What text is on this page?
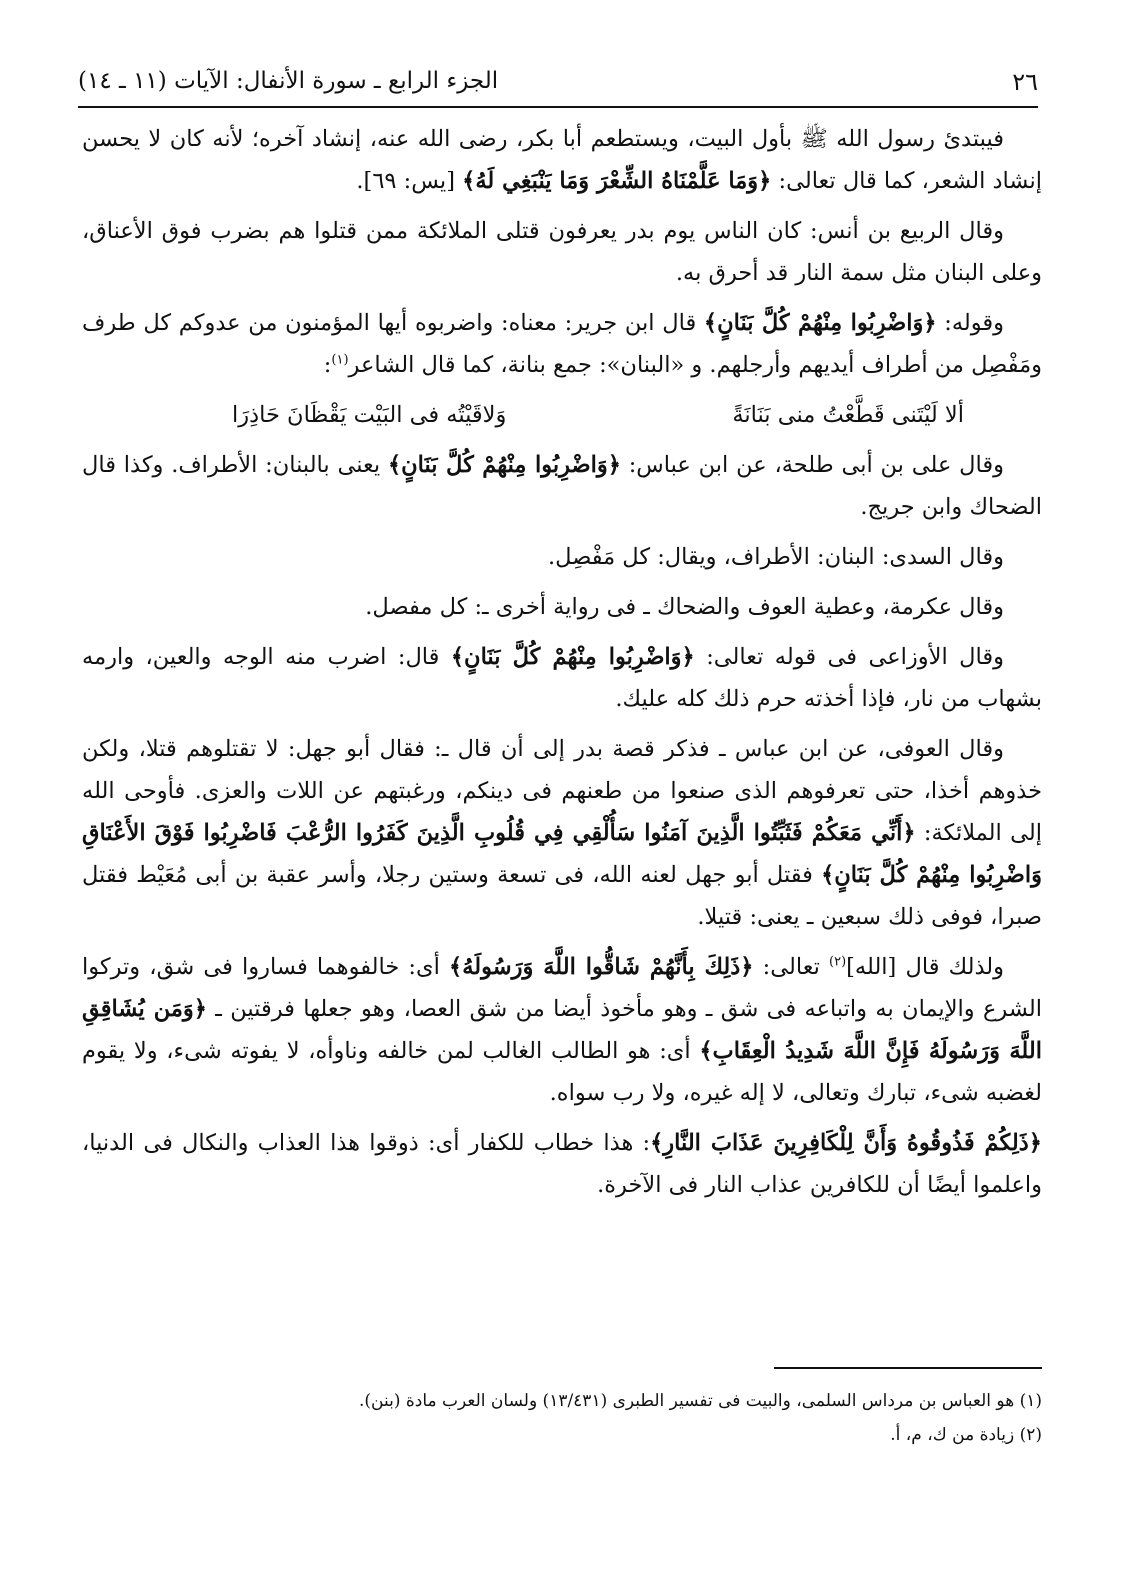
٢٦
الجزء الرابع ـ سورة الأنفال: الآيات (١١ ـ ١٤)

فيبتدئ رسول الله ﷺ بأول البيت، ويستطعم أبا بكر، رضى الله عنه، إنشاد آخره؛ لأنه كان لا يحسن إنشاد الشعر، كما قال تعالى: ﴿وَمَا عَلَّمْنَاهُ الشِّعْرَ وَمَا يَنْبَغِي لَهُ﴾ [يس: ٦٩].

وقال الربيع بن أنس: كان الناس يوم بدر يعرفون قتلى الملائكة ممن قتلوا هم بضرب فوق الأعناق، وعلى البنان مثل سمة النار قد أحرق به.

وقوله: ﴿وَاضْرِبُوا مِنْهُمْ كُلَّ بَنَانٍ﴾ قال ابن جرير: معناه: واضربوه أيها المؤمنون من عدوكم كل طرف ومَفْصِل من أطراف أيديهم وأرجلهم. و «البنان»: جمع بنانة، كما قال الشاعر$^{(١)}$:

ألا لَيْتَنى قَطَّعْتُ منى بَنَانَةً
وَلاقَيْتُه فى البَيْت يَقْظَانَ حَاذِرَا

وقال على بن أبى طلحة، عن ابن عباس: ﴿وَاضْرِبُوا مِنْهُمْ كُلَّ بَنَانٍ﴾ يعنى بالبنان: الأطراف. وكذا قال الضحاك وابن جريج.

وقال السدى: البنان: الأطراف، ويقال: كل مَفْصِل.

وقال عكرمة، وعطية العوف والضحاك ـ فى رواية أخرى ـ: كل مفصل.

وقال الأوزاعى فى قوله تعالى: ﴿وَاضْرِبُوا مِنْهُمْ كُلَّ بَنَانٍ﴾ قال: اضرب منه الوجه والعين، وارمه بشهاب من نار، فإذا أخذته حرم ذلك كله عليك.

وقال العوفى، عن ابن عباس ـ فذكر قصة بدر إلى أن قال ـ: فقال أبو جهل: لا تقتلوهم قتلا، ولكن خذوهم أخذا، حتى تعرفوهم الذى صنعوا من طعنهم فى دينكم، ورغبتهم عن اللات والعزى. فأوحى الله إلى الملائكة: ﴿أَنِّي مَعَكُمْ فَثَبِّتُوا الَّذِينَ آمَنُوا سَأُلْقِي فِي قُلُوبِ الَّذِينَ كَفَرُوا الرُّعْبَ فَاضْرِبُوا فَوْقَ الأَعْنَاقِ وَاضْرِبُوا مِنْهُمْ كُلَّ بَنَانٍ﴾ فقتل أبو جهل لعنه الله، فى تسعة وستين رجلا، وأسر عقبة بن أبى مُعَيْط فقتل صبرا، فوفى ذلك سبعين ـ يعنى: قتيلا.

ولذلك قال [الله]$^{(٢)}$ تعالى: ﴿ذَلِكَ بِأَنَّهُمْ شَاقُّوا اللَّهَ وَرَسُولَهُ﴾ أى: خالفوهما فساروا فى شق، وتركوا الشرع والإيمان به واتباعه فى شق ـ وهو مأخوذ أيضا من شق العصا، وهو جعلها فرقتين ـ ﴿وَمَن يُشَاقِقِ اللَّهَ وَرَسُولَهُ فَإِنَّ اللَّهَ شَدِيدُ الْعِقَابِ﴾ أى: هو الطالب الغالب لمن خالفه وناوأه، لا يفوته شىء، ولا يقوم لغضبه شىء، تبارك وتعالى، لا إله غيره، ولا رب سواه.

﴿ذَلِكُمْ فَذُوقُوهُ وَأَنَّ لِلْكَافِرِينَ عَذَابَ النَّارِ﴾: هذا خطاب للكفار أى: ذوقوا هذا العذاب والنكال فى الدنيا، واعلموا أيضًا أن للكافرين عذاب النار فى الآخرة.

(١) هو العباس بن مرداس السلمى، والبيت فى تفسير الطبرى (١٣/٤٣١) ولسان العرب مادة (بنن).

(٢) زيادة من ك، م، أ.
